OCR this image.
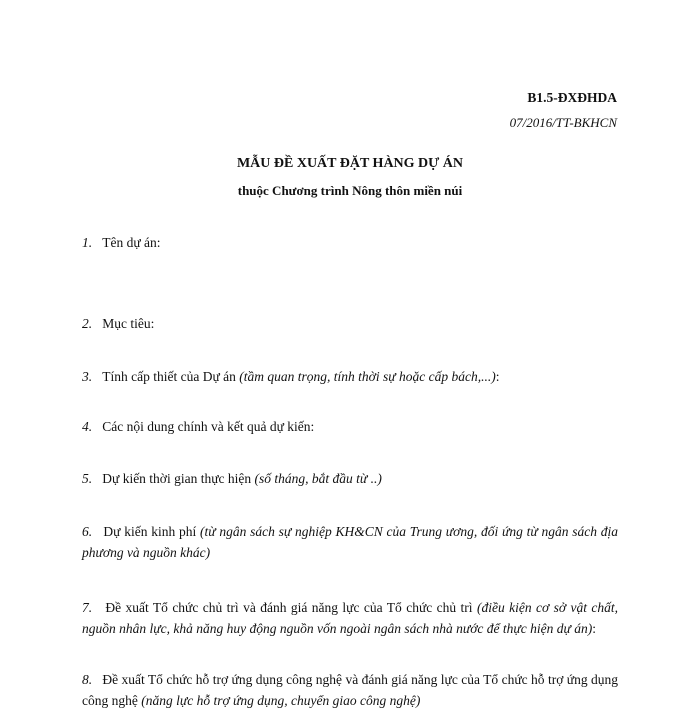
B1.5-ĐXĐHDA
07/2016/TT-BKHCN
MẪU ĐỀ XUẤT ĐẶT HÀNG DỰ ÁN
thuộc Chương trình Nông thôn miền núi
1. Tên dự án:
2. Mục tiêu:
3. Tính cấp thiết của Dự án (tầm quan trọng, tính thời sự hoặc cấp bách,...):
4. Các nội dung chính và kết quả dự kiến:
5. Dự kiến thời gian thực hiện (số tháng, bắt đầu từ ..)
6. Dự kiến kinh phí (từ ngân sách sự nghiệp KH&CN của Trung ương, đối ứng từ ngân sách địa phương và nguồn khác)
7. Đề xuất Tổ chức chủ trì và đánh giá năng lực của Tổ chức chủ trì (điều kiện cơ sở vật chất, nguồn nhân lực, khả năng huy động nguồn vốn ngoài ngân sách nhà nước để thực hiện dự án):
8. Đề xuất Tổ chức hỗ trợ ứng dụng công nghệ và đánh giá năng lực của Tổ chức hỗ trợ ứng dụng công nghệ (năng lực hỗ trợ ứng dụng, chuyển giao công nghệ)
